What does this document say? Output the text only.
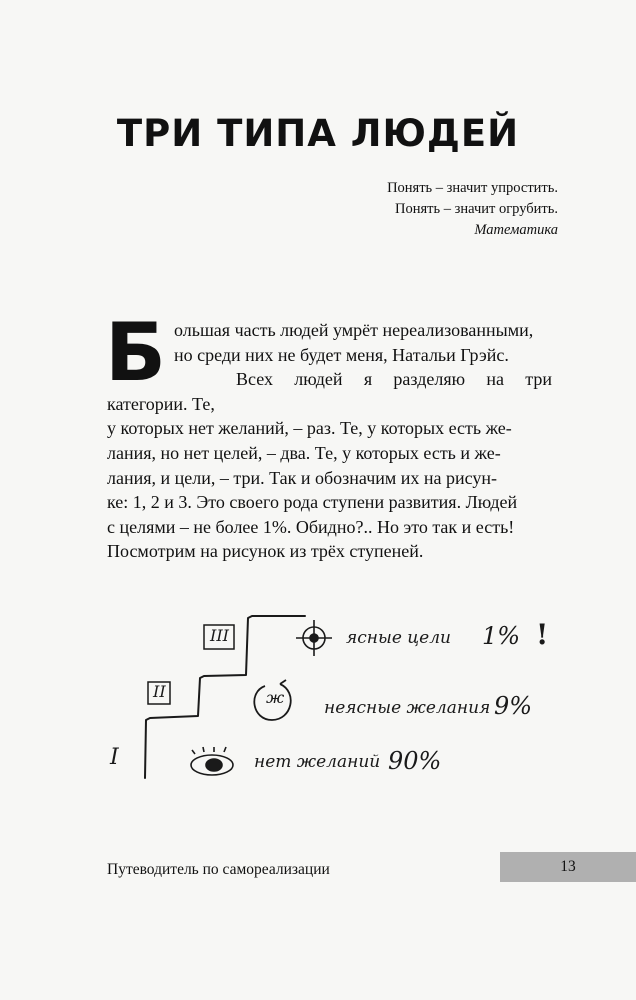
ТРИ ТИПА ЛЮДЕЙ
Понять – значит упростить.
Понять – значит огрубить.
Математика

Б ольшая часть людей умрёт нереализованными,
но среди них не будет меня, Натальи Грэйс.
Всех людей я разделяю на три категории. Те,
у которых нет желаний, – раз. Те, у которых есть же-
лания, но нет целей, – два. Те, у которых есть и же-
лания, и цели, – три. Так и обозначим их на рисун-
ке: 1, 2 и 3. Это своего рода ступени развития. Людей
с целями – не более 1%. Обидно?.. Но это так и есть!
Посмотрим на рисунок из трёх ступеней.

III
II
I
ж
ясные цели 1% !
неясные желания 9%
нет желаний 90%
Путеводитель по самореализации	13
